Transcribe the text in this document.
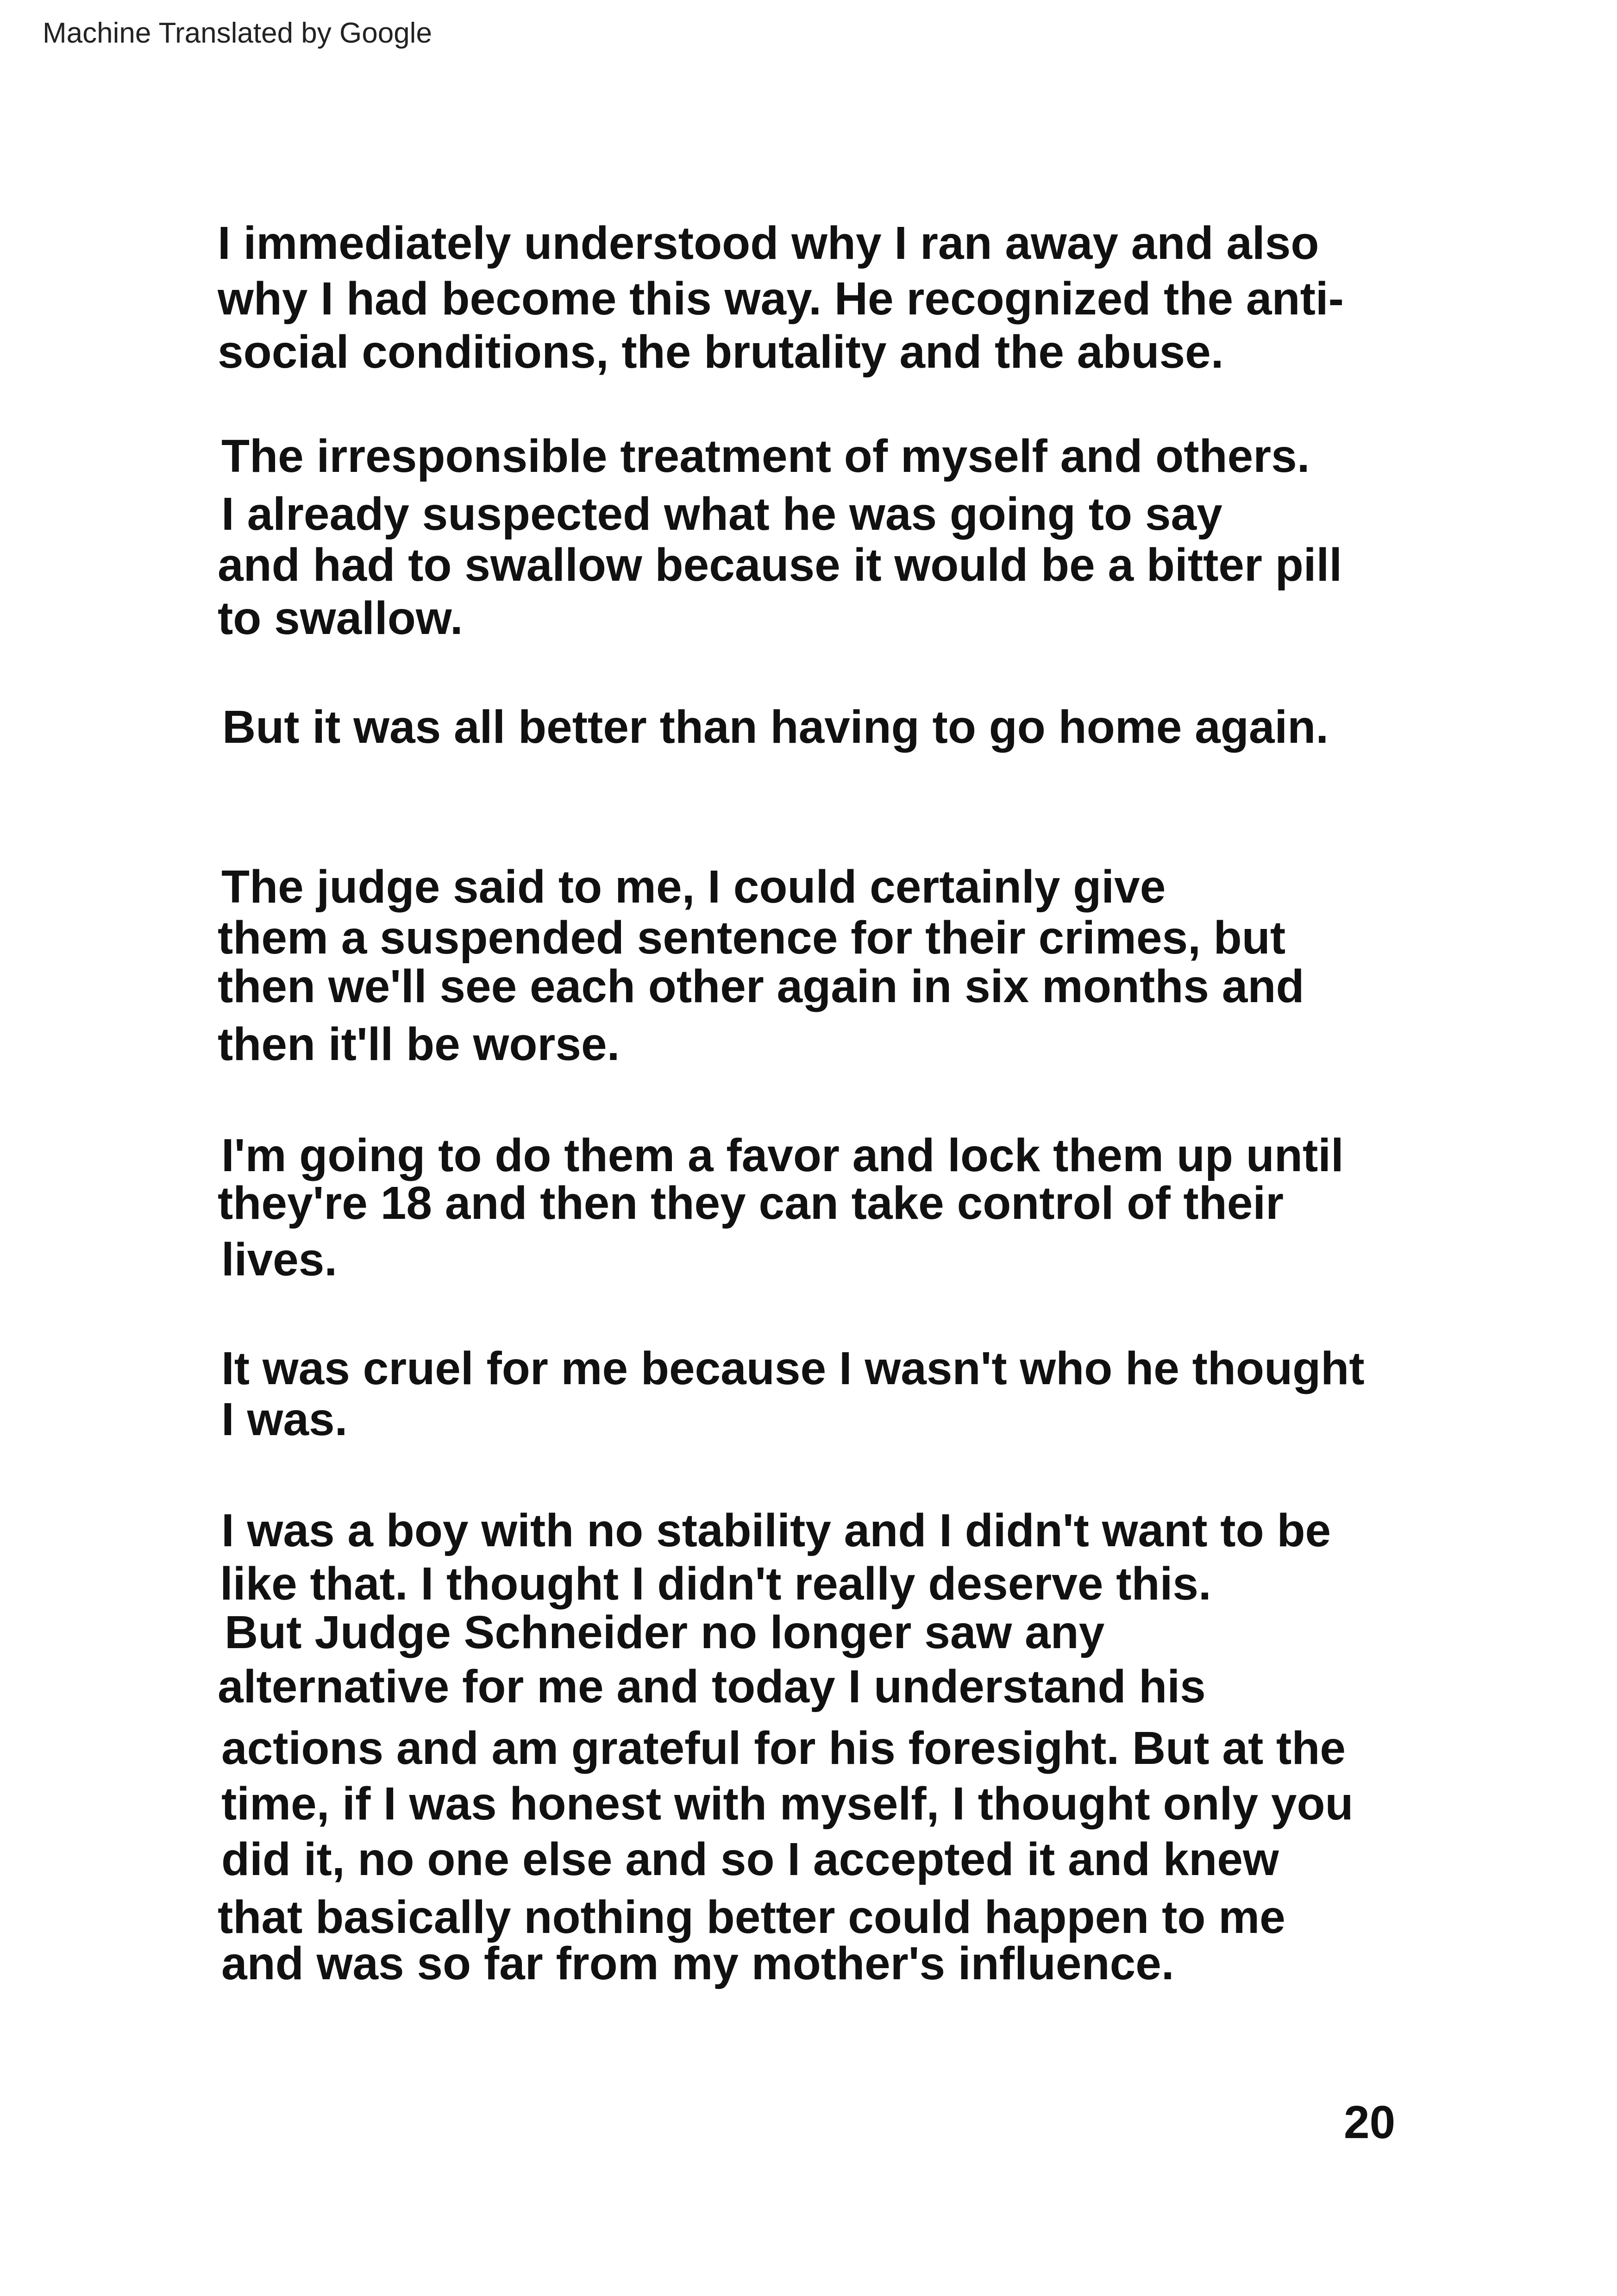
Machine Translated by Google
I immediately understood why I ran away and also
why I had become this way. He recognized the anti-
social conditions, the brutality and the abuse.
The irresponsible treatment of myself and others.
I already suspected what he was going to say
and had to swallow because it would be a bitter pill
to swallow.
But it was all better than having to go home again.
The judge said to me, I could certainly give
them a suspended sentence for their crimes, but
then we'll see each other again in six months and
then it'll be worse.
I'm going to do them a favor and lock them up until
they're 18 and then they can take control of their
lives.
It was cruel for me because I wasn't who he thought
I was.
I was a boy with no stability and I didn't want to be
like that. I thought I didn't really deserve this.
But Judge Schneider no longer saw any
alternative for me and today I understand his
actions and am grateful for his foresight. But at the
time, if I was honest with myself, I thought only you
did it, no one else and so I accepted it and knew
that basically nothing better could happen to me
and was so far from my mother's influence.
20
